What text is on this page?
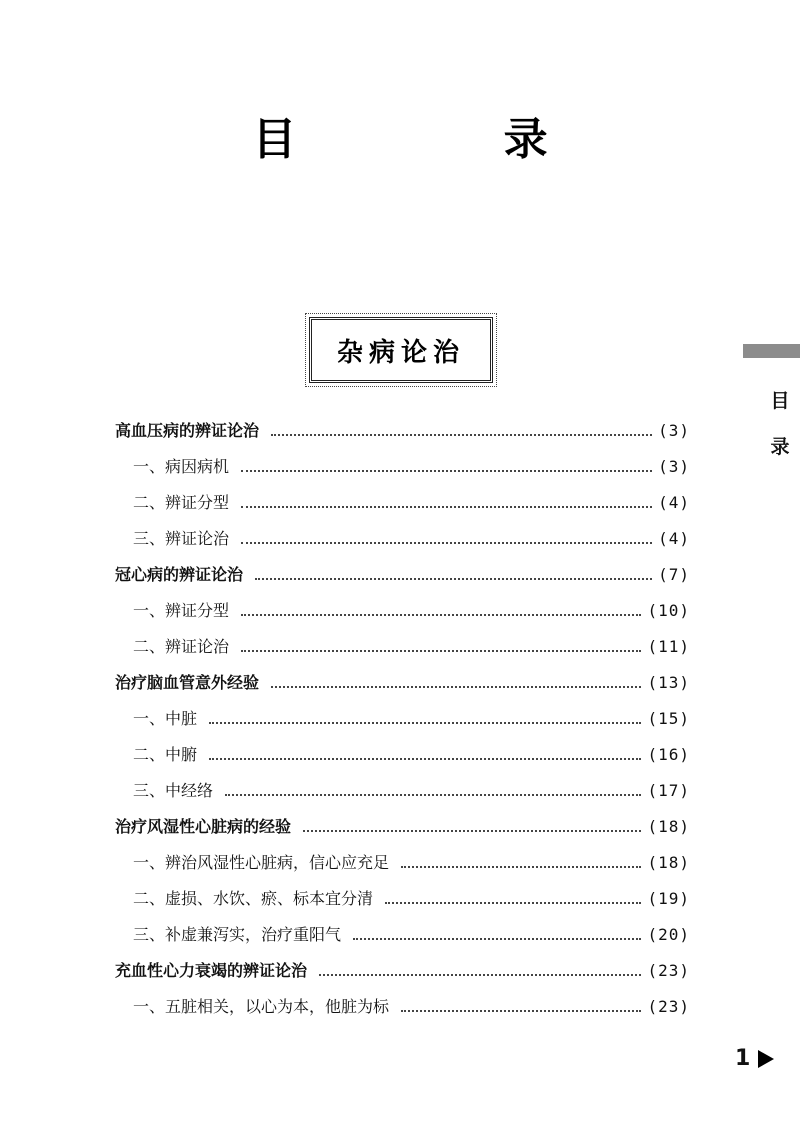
目 录
杂病论治
目
录
高血压病的辨证论治	(3)
一、病因病机	(3)
二、辨证分型	(4)
三、辨证论治	(4)
冠心病的辨证论治	(7)
一、辨证分型	(10)
二、辨证论治	(11)
治疗脑血管意外经验	(13)
一、中脏	(15)
二、中腑	(16)
三、中经络	(17)
治疗风湿性心脏病的经验	(18)
一、辨治风湿性心脏病，信心应充足	(18)
二、虚损、水饮、瘀、标本宜分清	(19)
三、补虚兼泻实，治疗重阳气	(20)
充血性心力衰竭的辨证论治	(23)
一、五脏相关，以心为本，他脏为标	(23)
1
